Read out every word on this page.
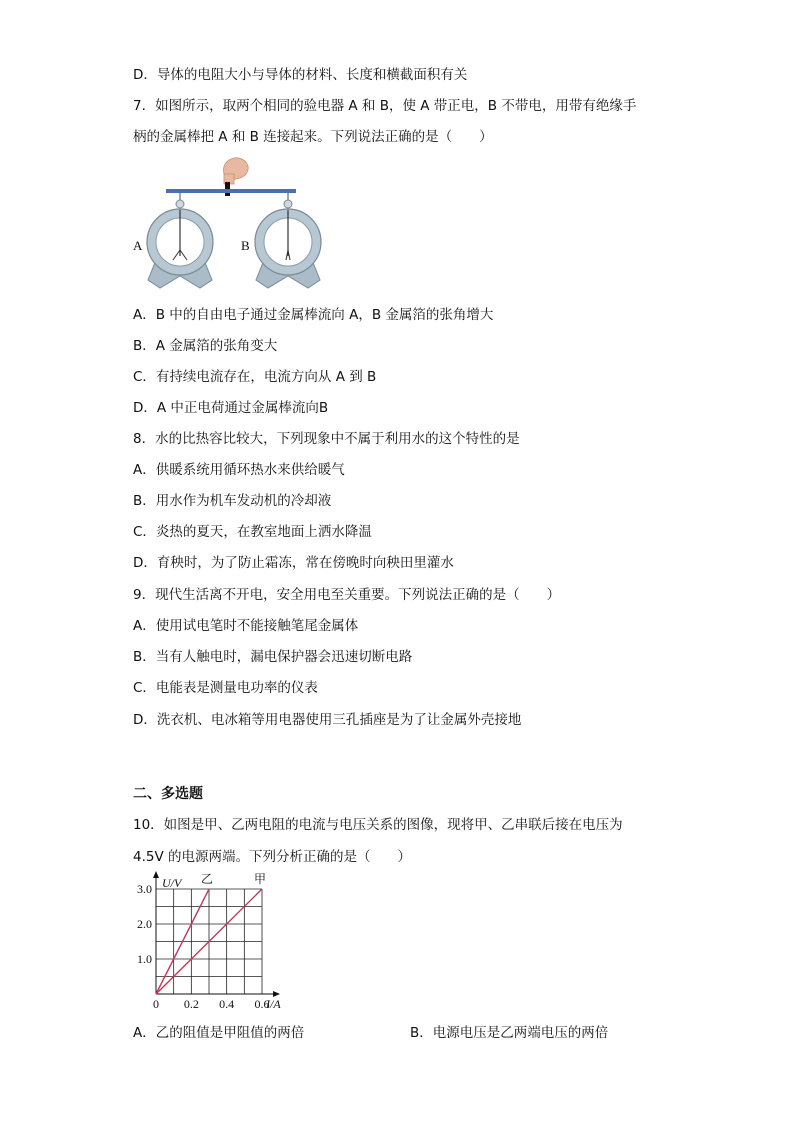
D．导体的电阻大小与导体的材料、长度和横截面积有关
7．如图所示，取两个相同的验电器 A 和 B，使 A 带正电，B 不带电，用带有绝缘手
柄的金属棒把 A 和 B 连接起来。下列说法正确的是（　　）
A	B
A．B 中的自由电子通过金属棒流向 A，B 金属箔的张角增大
B．A 金属箔的张角变大
C．有持续电流存在，电流方向从 A 到 B
D．A 中正电荷通过金属棒流向B
8．水的比热容比较大，下列现象中不属于利用水的这个特性的是
A．供暖系统用循环热水来供给暖气
B．用水作为机车发动机的冷却液
C．炎热的夏天，在教室地面上洒水降温
D．育秧时，为了防止霜冻，常在傍晚时向秧田里灌水
9．现代生活离不开电，安全用电至关重要。下列说法正确的是（　　）
A．使用试电笔时不能接触笔尾金属体
B．当有人触电时，漏电保护器会迅速切断电路
C．电能表是测量电功率的仪表
D．洗衣机、电冰箱等用电器使用三孔插座是为了让金属外壳接地
二、多选题
10．如图是甲、乙两电阻的电流与电压关系的图像，现将甲、乙串联后接在电压为
4.5V 的电源两端。下列分析正确的是（　　）
乙	甲
0.2 0.4 0.6
1.0
2.0
3.0
0	I/A
U/V
A．乙的阻值是甲阻值的两倍	B．电源电压是乙两端电压的两倍
